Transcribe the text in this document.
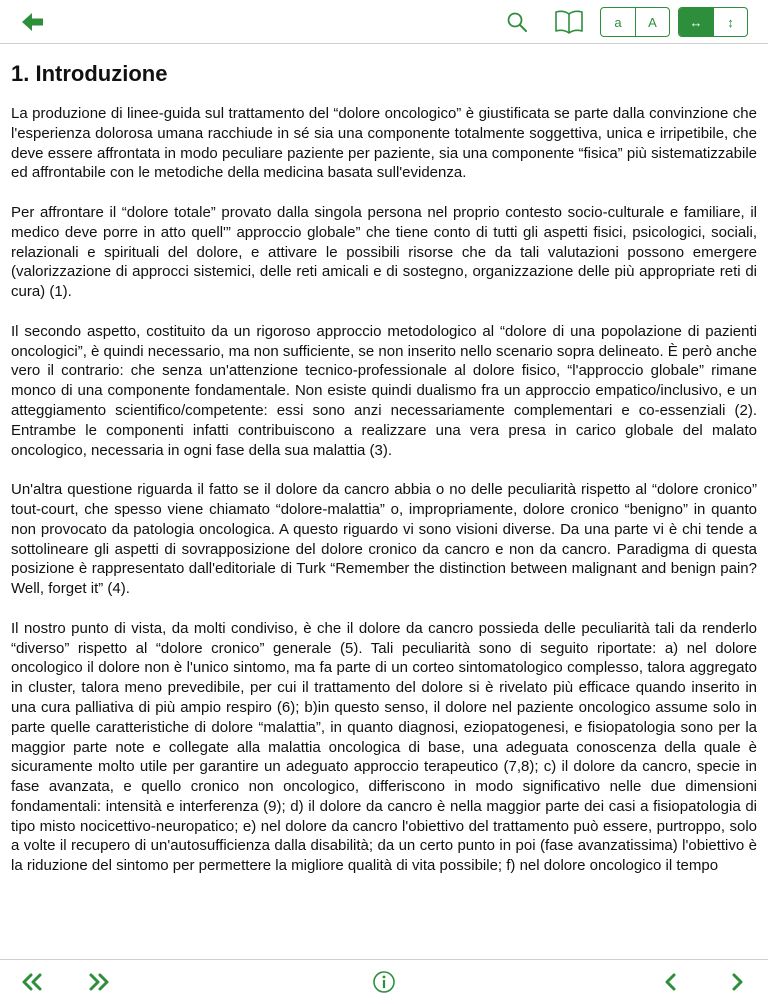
a	A	↔	↕
1. Introduzione

La produzione di linee-guida sul trattamento del “dolore oncologico” è giustificata se parte dalla convinzione che l'esperienza dolorosa umana racchiude in sé sia una componente totalmente soggettiva, unica e irripetibile, che deve essere affrontata in modo peculiare paziente per paziente, sia una componente “fisica” più sistematizzabile ed affrontabile con le metodiche della medicina basata sull'evidenza.

Per affrontare il “dolore totale” provato dalla singola persona nel proprio contesto socio-culturale e familiare, il medico deve porre in atto quell'” approccio globale” che tiene conto di tutti gli aspetti fisici, psicologici, sociali, relazionali e spirituali del dolore, e attivare le possibili risorse che da tali valutazioni possono emergere (valorizzazione di approcci sistemici, delle reti amicali e di sostegno, organizzazione delle più appropriate reti di cura) (1).

Il secondo aspetto, costituito da un rigoroso approccio metodologico al “dolore di una popolazione di pazienti oncologici”, è quindi necessario, ma non sufficiente, se non inserito nello scenario sopra delineato. È però anche vero il contrario: che senza un'attenzione tecnico-professionale al dolore fisico, “l'approccio globale” rimane monco di una componente fondamentale. Non esiste quindi dualismo fra un approccio empatico/inclusivo, e un atteggiamento scientifico/competente: essi sono anzi necessariamente complementari e co-essenziali (2). Entrambe le componenti infatti contribuiscono a realizzare una vera presa in carico globale del malato oncologico, necessaria in ogni fase della sua malattia (3).

Un'altra questione riguarda il fatto se il dolore da cancro abbia o no delle peculiarità rispetto al “dolore cronico” tout-court, che spesso viene chiamato “dolore-malattia” o, impropriamente, dolore cronico “benigno” in quanto non provocato da patologia oncologica. A questo riguardo vi sono visioni diverse. Da una parte vi è chi tende a sottolineare gli aspetti di sovrapposizione del dolore cronico da cancro e non da cancro. Paradigma di questa posizione è rappresentato dall'editoriale di Turk “Remember the distinction between malignant and benign pain? Well, forget it” (4).

Il nostro punto di vista, da molti condiviso, è che il dolore da cancro possieda delle peculiarità tali da renderlo “diverso” rispetto al “dolore cronico” generale (5). Tali peculiarità sono di seguito riportate: a) nel dolore oncologico il dolore non è l'unico sintomo, ma fa parte di un corteo sintomatologico complesso, talora aggregato in cluster, talora meno prevedibile, per cui il trattamento del dolore si è rivelato più efficace quando inserito in una cura palliativa di più ampio respiro (6); b)in questo senso, il dolore nel paziente oncologico assume solo in parte quelle caratteristiche di dolore “malattia”, in quanto diagnosi, eziopatogenesi, e fisiopatologia sono per la maggior parte note e collegate alla malattia oncologica di base, una adeguata conoscenza della quale è sicuramente molto utile per garantire un adeguato approccio terapeutico (7,8); c) il dolore da cancro, specie in fase avanzata, e quello cronico non oncologico, differiscono in modo significativo nelle due dimensioni fondamentali: intensità e interferenza (9); d) il dolore da cancro è nella maggior parte dei casi a fisiopatologia di tipo misto nocicettivo-neuropatico; e) nel dolore da cancro l'obiettivo del trattamento può essere, purtroppo, solo a volte il recupero di un'autosufficienza dalla disabilità; da un certo punto in poi (fase avanzatissima) l'obiettivo è la riduzione del sintomo per permettere la migliore qualità di vita possibile; f) nel dolore oncologico il tempo
